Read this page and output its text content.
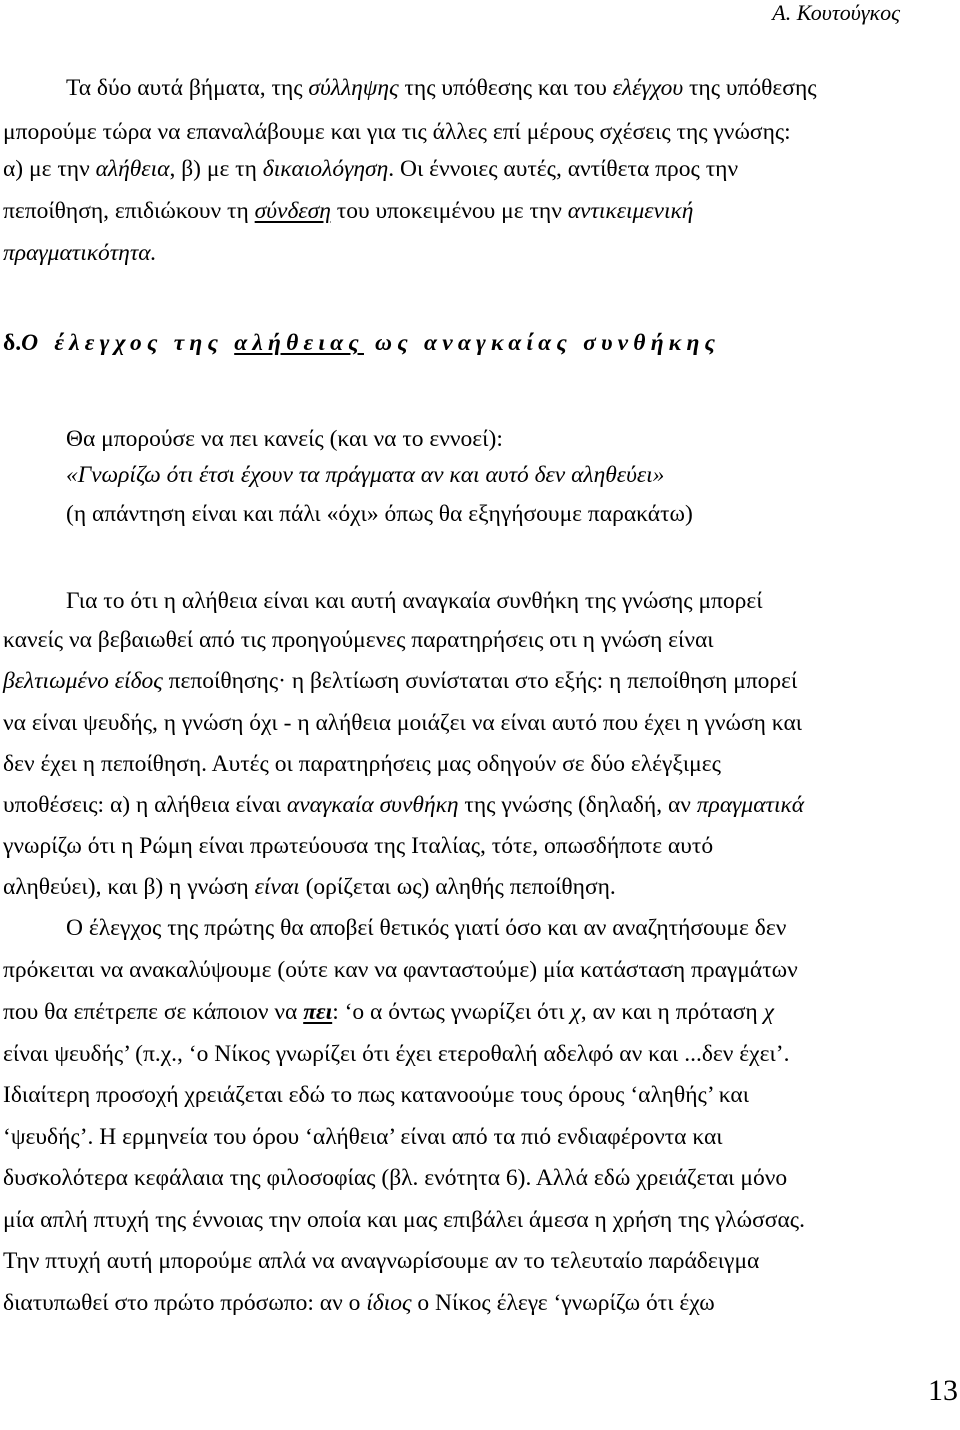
Α. Κουτούγκος
Τα δύο αυτά βήματα, της σύλληψης της υπόθεσης και του ελέγχου της υπόθεσης
μπορούμε τώρα να επαναλάβουμε και για τις άλλες επί μέρους σχέσεις της γνώσης:
α) με την αλήθεια, β) με τη δικαιολόγηση. Οι έννοιες αυτές, αντίθετα προς την
πεποίθηση, επιδιώκουν τη σύνδεση του υποκειμένου με την αντικειμενική
πραγματικότητα.
δ.Ο έλεγχος της αλήθειας ως αναγκαίας συνθήκης
Θα μπορούσε να πει κανείς (και να το εννοεί):
«Γνωρίζω ότι έτσι έχουν τα πράγματα αν και αυτό δεν αληθεύει»
(η απάντηση είναι και πάλι «όχι» όπως θα εξηγήσουμε παρακάτω)
Για το ότι η αλήθεια είναι και αυτή αναγκαία συνθήκη της γνώσης μπορεί
κανείς να βεβαιωθεί από τις προηγούμενες παρατηρήσεις οτι η γνώση είναι
βελτιωμένο είδος πεποίθησης· η βελτίωση συνίσταται στο εξής: η πεποίθηση μπορεί
να είναι ψευδής, η γνώση όχι - η αλήθεια μοιάζει να είναι αυτό που έχει η γνώση και
δεν έχει η πεποίθηση. Αυτές οι παρατηρήσεις μας οδηγούν σε δύο ελέγξιμες
υποθέσεις: α) η αλήθεια είναι αναγκαία συνθήκη της γνώσης (δηλαδή, αν πραγματικά
γνωρίζω ότι η Ρώμη είναι πρωτεύουσα της Ιταλίας, τότε, οπωσδήποτε αυτό
αληθεύει), και β) η γνώση είναι (ορίζεται ως) αληθής πεποίθηση.
Ο έλεγχος της πρώτης θα αποβεί θετικός γιατί όσο και αν αναζητήσουμε δεν
πρόκειται να ανακαλύψουμε (ούτε καν να φανταστούμε) μία κατάσταση πραγμάτων
που θα επέτρεπε σε κάποιον να πει: ‘ο α όντως γνωρίζει ότι χ, αν και η πρόταση χ
είναι ψευδής’ (π.χ., ‘ο Νίκος γνωρίζει ότι έχει ετεροθαλή αδελφό αν και ...δεν έχει’.
Ιδιαίτερη προσοχή χρειάζεται εδώ το πως κατανοούμε τους όρους ‘αληθής’ και
‘ψευδής’. Η ερμηνεία του όρου ‘αλήθεια’ είναι από τα πιό ενδιαφέροντα και
δυσκολότερα κεφάλαια της φιλοσοφίας (βλ. ενότητα 6). Αλλά εδώ χρειάζεται μόνο
μία απλή πτυχή της έννοιας την οποία και μας επιβάλει άμεσα η χρήση της γλώσσας.
Την πτυχή αυτή μπορούμε απλά να αναγνωρίσουμε αν το τελευταίο παράδειγμα
διατυπωθεί στο πρώτο πρόσωπο: αν ο ίδιος ο Νίκος έλεγε ‘γνωρίζω ότι έχω
13
